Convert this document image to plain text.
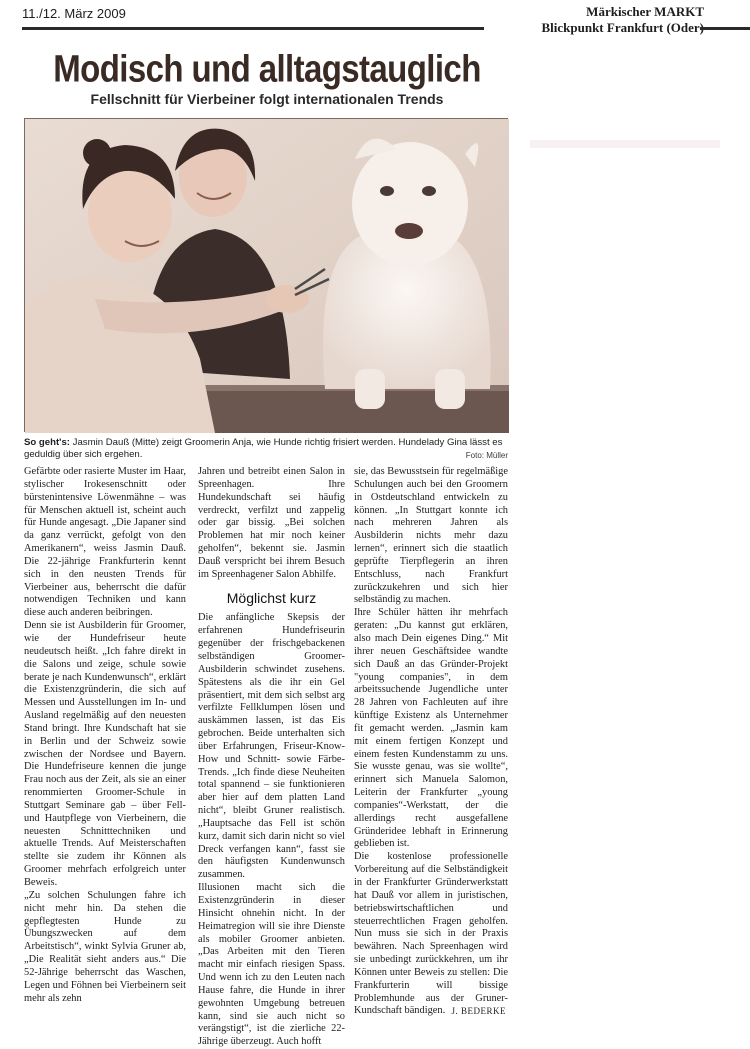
11./12. März 2009	Märkischer MARKT
Blickpunkt Frankfurt (Oder)

Modisch und alltagstauglich
Fellschnitt für Vierbeiner folgt internationalen Trends
So geht's: Jasmin Dauß (Mitte) zeigt Groomerin Anja, wie Hunde richtig frisiert werden. Hundelady Gina lässt es geduldig über sich ergehen.	Foto: Müller

Gefärbte oder rasierte Muster im Haar, stylischer Irokesenschnitt oder bürstenintensive Löwenmähne – was für Menschen aktuell ist, scheint auch für Hunde angesagt. „Die Japaner sind da ganz verrückt, gefolgt von den Amerikanern“, weiss Jasmin Dauß. Die 22-jährige Frankfurterin kennt sich in den neusten Trends für Vierbeiner aus, beherrscht die dafür notwendigen Techniken und kann diese auch anderen beibringen.

Denn sie ist Ausbilderin für Groomer, wie der Hundefriseur heute neudeutsch heißt. „Ich fahre direkt in die Salons und zeige, schule sowie berate je nach Kundenwunsch“, erklärt die Existenzgründerin, die sich auf Messen und Ausstellungen im In- und Ausland regelmäßig auf den neuesten Stand bringt. Ihre Kundschaft hat sie in Berlin und der Schweiz sowie zwischen der Nordsee und Bayern. Die Hundefriseure kennen die junge Frau noch aus der Zeit, als sie an einer renommierten Groomer-Schule in Stuttgart Seminare gab – über Fell- und Hautpflege von Vierbeinern, die neuesten Schnitttechniken und aktuelle Trends. Auf Meisterschaften stellte sie zudem ihr Können als Groomer mehrfach erfolgreich unter Beweis.

„Zu solchen Schulungen fahre ich nicht mehr hin. Da stehen die gepflegtesten Hunde zu Übungszwecken auf dem Arbeitstisch“, winkt Sylvia Gruner ab, „Die Realität sieht anders aus.“ Die 52-Jährige beherrscht das Waschen, Legen und Föhnen bei Vierbeinern seit mehr als zehn

Jahren und betreibt einen Salon in Spreenhagen. Ihre Hundekundschaft sei häufig verdreckt, verfilzt und zappelig oder gar bissig. „Bei solchen Problemen hat mir noch keiner geholfen“, bekennt sie. Jasmin Dauß verspricht bei ihrem Besuch im Spreenhagener Salon Abhilfe.

Möglichst kurz

Die anfängliche Skepsis der erfahrenen Hundefriseurin gegenüber der frischgebackenen selbständigen Groomer-Ausbilderin schwindet zusehens. Spätestens als die ihr ein Gel präsentiert, mit dem sich selbst arg verfilzte Fellklumpen lösen und auskämmen lassen, ist das Eis gebrochen. Beide unterhalten sich über Erfahrungen, Friseur-Know-How und Schnitt- sowie Färbe-Trends. „Ich finde diese Neuheiten total spannend – sie funktionieren aber hier auf dem platten Land nicht“, bleibt Gruner realistisch. „Hauptsache das Fell ist schön kurz, damit sich darin nicht so viel Dreck verfangen kann“, fasst sie den häufigsten Kundenwunsch zusammen.

Illusionen macht sich die Existenzgründerin in dieser Hinsicht ohnehin nicht. In der Heimatregion will sie ihre Dienste als mobiler Groomer anbieten. „Das Arbeiten mit den Tieren macht mir einfach riesigen Spass. Und wenn ich zu den Leuten nach Hause fahre, die Hunde in ihrer gewohnten Umgebung betreuen kann, sind sie auch nicht so verängstigt“, ist die zierliche 22-Jährige überzeugt. Auch hofft

sie, das Bewusstsein für regelmäßige Schulungen auch bei den Groomern in Ostdeutschland entwickeln zu können. „In Stuttgart konnte ich nach mehreren Jahren als Ausbilderin nichts mehr dazu lernen“, erinnert sich die staatlich geprüfte Tierpflegerin an ihren Entschluss, nach Frankfurt zurückzukehren und sich hier selbständig zu machen.

Ihre Schüler hätten ihr mehrfach geraten: „Du kannst gut erklären, also mach Dein eigenes Ding.“ Mit ihrer neuen Geschäftsidee wandte sich Dauß an das Gründer-Projekt "young companies", in dem arbeitssuchende Jugendliche unter 28 Jahren von Fachleuten auf ihre künftige Existenz als Unternehmer fit gemacht werden. „Jasmin kam mit einem fertigen Konzept und einem festen Kundenstamm zu uns. Sie wusste genau, was sie wollte“, erinnert sich Manuela Salomon, Leiterin der Frankfurter „young companies“-Werkstatt, der die allerdings recht ausgefallene Gründeridee lebhaft in Erinnerung geblieben ist.

Die kostenlose professionelle Vorbereitung auf die Selbständigkeit in der Frankfurter Gründerwerkstatt hat Dauß vor allem in juristischen, betriebswirtschaftlichen und steuerrechtlichen Fragen geholfen. Nun muss sie sich in der Praxis bewähren. Nach Spreenhagen wird sie unbedingt zurückkehren, um ihr Können unter Beweis zu stellen: Die Frankfurterin will bissige Problemhunde aus der Gruner-Kundschaft bändigen. J. BEDERKE
